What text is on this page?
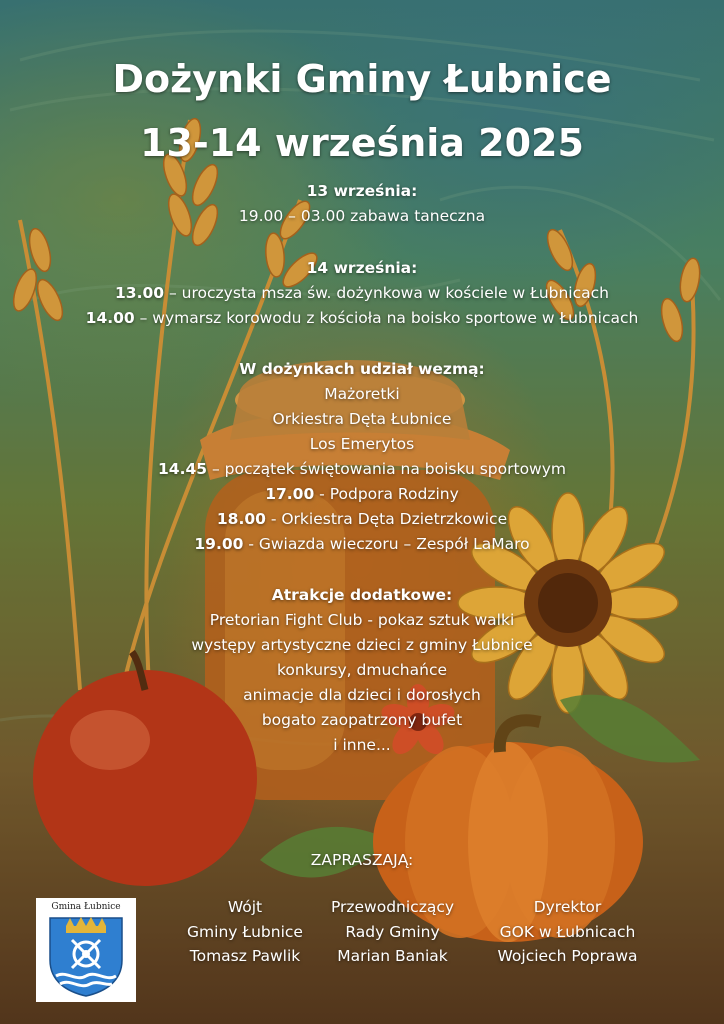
Dożynki Gminy Łubnice
13-14 września 2025
13 września:
19.00 – 03.00 zabawa taneczna
14 września:
13.00 – uroczysta msza św. dożynkowa w kościele w Łubnicach
14.00 – wymarsz korowodu z kościoła na boisko sportowe w Łubnicach
W dożynkach udział wezmą:
Mażoretki
Orkiestra Dęta Łubnice
Los Emerytos
14.45 – początek świętowania na boisku sportowym
17.00 - Podpora Rodziny
18.00 - Orkiestra Dęta Dzietrzkowice
19.00 - Gwiazda wieczoru – Zespół LaMaro
Atrakcje dodatkowe:
Pretorian Fight Club - pokaz sztuk walki
występy artystyczne dzieci z gminy Łubnice
konkursy, dmuchańce
animacje dla dzieci i dorosłych
bogato zaopatrzony bufet
i inne...
ZAPRASZAJĄ:
Wójt
Gminy Łubnice
Tomasz Pawlik
Przewodniczący
Rady Gminy
Marian Baniak
Dyrektor
GOK w Łubnicach
Wojciech Poprawa
Gmina Łubnice
